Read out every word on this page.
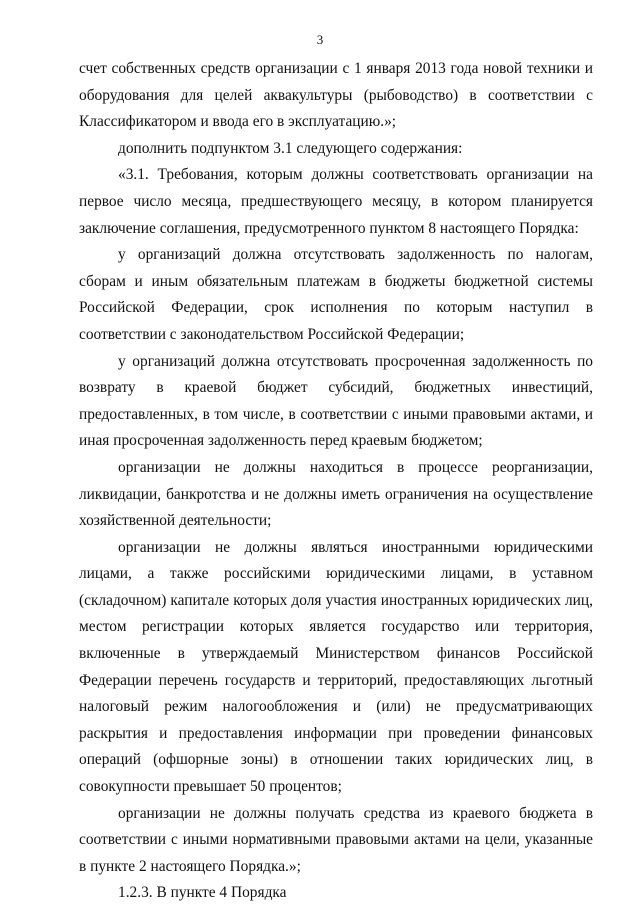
3

счет собственных средств организации с 1 января 2013 года новой техники и оборудования для целей аквакультуры (рыбоводство) в соответствии с Классификатором и ввода его в эксплуатацию.»;

дополнить подпунктом 3.1 следующего содержания:

«3.1. Требования, которым должны соответствовать организации на первое число месяца, предшествующего месяцу, в котором планируется заключение соглашения, предусмотренного пунктом 8 настоящего Порядка:

у организаций должна отсутствовать задолженность по налогам, сборам и иным обязательным платежам в бюджеты бюджетной системы Российской Федерации, срок исполнения по которым наступил в соответствии с законодательством Российской Федерации;

у организаций должна отсутствовать просроченная задолженность по возврату в краевой бюджет субсидий, бюджетных инвестиций, предоставленных, в том числе, в соответствии с иными правовыми актами, и иная просроченная задолженность перед краевым бюджетом;

организации не должны находиться в процессе реорганизации, ликвидации, банкротства и не должны иметь ограничения на осуществление хозяйственной деятельности;

организации не должны являться иностранными юридическими лицами, а также российскими юридическими лицами, в уставном (складочном) капитале которых доля участия иностранных юридических лиц, местом регистрации которых является государство или территория, включенные в утверждаемый Министерством финансов Российской Федерации перечень государств и территорий, предоставляющих льготный налоговый режим налогообложения и (или) не предусматривающих раскрытия и предоставления информации при проведении финансовых операций (офшорные зоны) в отношении таких юридических лиц, в совокупности превышает 50 процентов;

организации не должны получать средства из краевого бюджета в соответствии с иными нормативными правовыми актами на цели, указанные в пункте 2 настоящего Порядка.»;

1.2.3. В пункте 4 Порядка
